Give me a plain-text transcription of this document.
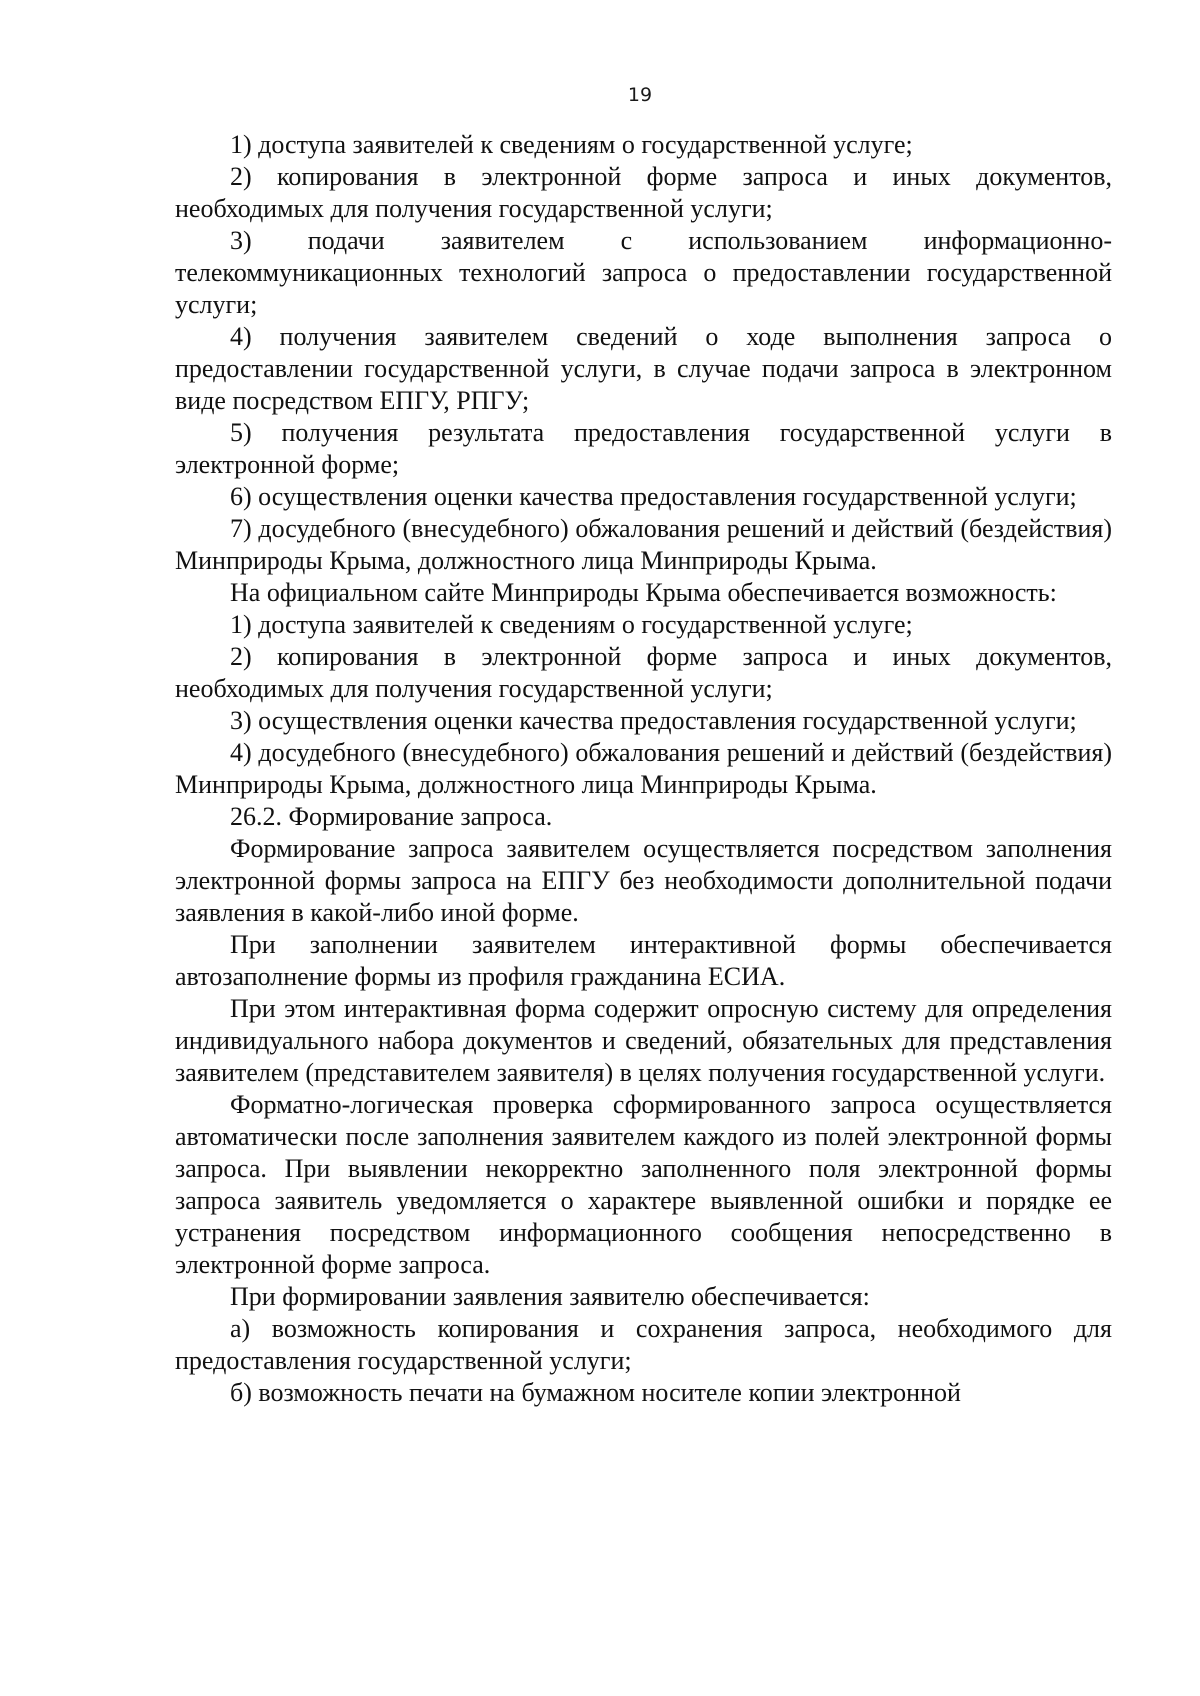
19

1) доступа заявителей к сведениям о государственной услуге;

2) копирования в электронной форме запроса и иных документов, необходимых для получения государственной услуги;

3) подачи заявителем с использованием информационно-телекоммуникационных технологий запроса о предоставлении государственной услуги;

4) получения заявителем сведений о ходе выполнения запроса о предоставлении государственной услуги, в случае подачи запроса в электронном виде посредством ЕПГУ, РПГУ;

5) получения результата предоставления государственной услуги в электронной форме;

6) осуществления оценки качества предоставления государственной услуги;

7) досудебного (внесудебного) обжалования решений и действий (бездействия) Минприроды Крыма, должностного лица Минприроды Крыма.

На официальном сайте Минприроды Крыма обеспечивается возможность:

1) доступа заявителей к сведениям о государственной услуге;

2) копирования в электронной форме запроса и иных документов, необходимых для получения государственной услуги;

3) осуществления оценки качества предоставления государственной услуги;

4) досудебного (внесудебного) обжалования решений и действий (бездействия) Минприроды Крыма, должностного лица Минприроды Крыма.

26.2. Формирование запроса.

Формирование запроса заявителем осуществляется посредством заполнения электронной формы запроса на ЕПГУ без необходимости дополнительной подачи заявления в какой-либо иной форме.

При заполнении заявителем интерактивной формы обеспечивается автозаполнение формы из профиля гражданина ЕСИА.

При этом интерактивная форма содержит опросную систему для определения индивидуального набора документов и сведений, обязательных для представления заявителем (представителем заявителя) в целях получения государственной услуги.

Форматно-логическая проверка сформированного запроса осуществляется автоматически после заполнения заявителем каждого из полей электронной формы запроса. При выявлении некорректно заполненного поля электронной формы запроса заявитель уведомляется о характере выявленной ошибки и порядке ее устранения посредством информационного сообщения непосредственно в электронной форме запроса.

При формировании заявления заявителю обеспечивается:

а) возможность копирования и сохранения запроса, необходимого для предоставления государственной услуги;

б) возможность печати на бумажном носителе копии электронной
